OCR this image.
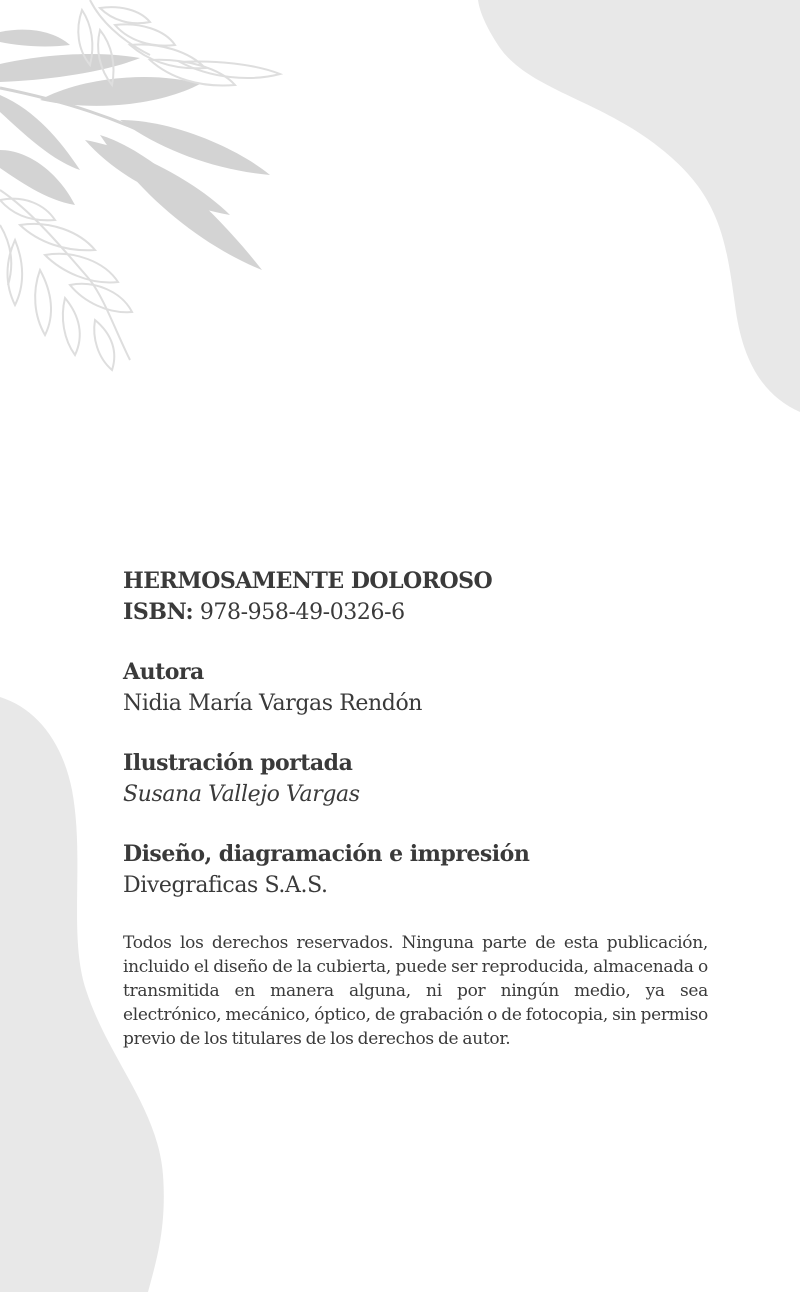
HERMOSAMENTE DOLOROSO

ISBN: 978-958-49-0326-6

Autora

Nidia María Vargas Rendón

Ilustración portada

Susana Vallejo Vargas

Diseño, diagramación e impresión

Divegraficas S.A.S.

Todos los derechos reservados. Ninguna parte de esta publicación, incluido el diseño de la cubierta, puede ser reproducida, almacenada o transmitida en manera alguna, ni por ningún medio, ya sea electrónico, mecánico, óptico, de grabación o de fotocopia, sin permiso previo de los titulares de los derechos de autor.
